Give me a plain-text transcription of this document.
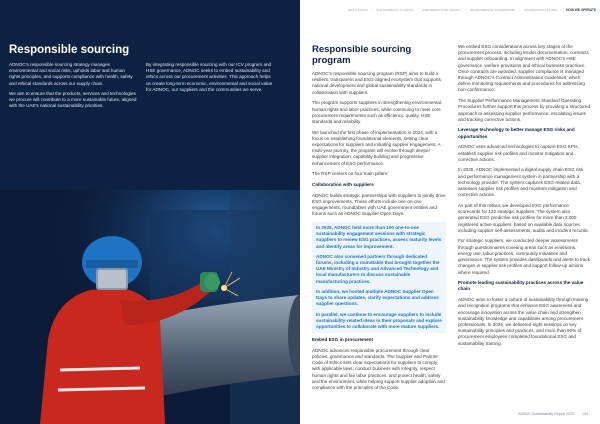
Responsible sourcing

ADNOC's responsible sourcing strategy manages environmental and social risks, upholds labor and human rights principles, and supports compliance with health, safety and ethical standards across our supply chain.

We aim to ensure that the products, services and technologies we procure will contribute to a more sustainable future, aligned with the UAE's national sustainability priorities.

By integrating responsible sourcing with our ICV program and HSE governance, ADNOC seeks to embed sustainability and ethics across our procurement activities. This approach helps us create long-term economic, environmental and social value for ADNOC, our suppliers and the communities we serve.

ABOUT ADNOC | SUSTAINABILITY AT ADNOC | PARTNERING WITH SOCIETY | ENVIRONMENTAL STEWARDSHIP | GOVERNANCE & ETHICS | HOW WE OPERATE
Responsible sourcing program

ADNOC's responsible sourcing program (RSP) aims to build a resilient, transparent and ESG-aligned ecosystem that supports national development and global sustainability standards in collaboration with suppliers.

The program supports suppliers in strengthening environmental, human rights and labor practices, while continuing to meet core procurement requirements such as efficiency, quality, HSE standards and reliability.

We launched the first phase of implementation in 2024, with a focus on establishing foundational elements, setting clear expectations for suppliers and initiating supplier engagement. A multi-year journey, the program will evolve through deeper supplier integration, capability building and progressive enhancement of ESG performance.

The RSP centers on four main pillars:

Collaboration with suppliers

ADNOC builds strategic partnerships with suppliers to jointly drive ESG improvements. These efforts include one-on-one engagements, roundtables with UAE government entities and forums such as ADNOC Supplier Open Days.

In 2025, ADNOC held more than 100 one-to-one sustainability engagement sessions with strategic suppliers to review ESG practices, assess maturity levels and identify areas for improvement.

ADNOC also convened partners through dedicated forums, including a roundtable that brought together the UAE Ministry of Industry and Advanced Technology and local manufacturers to discuss sustainable manufacturing practices.

In addition, we hosted multiple ADNOC Supplier Open Days to share updates, clarify expectations and address supplier questions.

In parallel, we continue to encourage suppliers to include sustainability-related ideas in their proposals and explore opportunities to collaborate with more mature suppliers.

Embed ESG in procurement

ADNOC advances responsible procurement through clear policies, governance and standards. The Supplier and Partner Code of Ethics sets clear expectations for suppliers to comply with applicable laws, conduct business with integrity, respect human rights and fair labor practices, and protect health, safety and the environment, while helping support supplier adoption and compliance with the principles of the Code.

We embed ESG considerations across key stages of the procurement process, including tender documentation, contracts and supplier onboarding. In alignment with ADNOC's HSE governance, welfare provisions and ethical business practices. Once contracts are awarded, supplier compliance is managed through ADNOC's Contract Administration Guidelines, which define monitoring requirements and procedures for addressing non-conformance.

The Supplier Performance Management Standard Operating Procedures further support this process by providing a structured approach to assessing supplier performance, escalating issues and tracking corrective actions.

Leverage technology to better manage ESG risks and opportunities

ADNOC uses advanced technologies to capture ESG KPIs, establish supplier risk profiles and monitor mitigation and corrective actions.

In 2025, ADNOC implemented a digital supply chain ESG risk and performance management system in partnership with a technology provider. The system captures ESG-related data, assesses supplier risk profiles and monitors mitigation and corrective actions.

As part of this rollout, we developed ESG performance scorecards for 122 strategic suppliers. The system also generated ESG predictive risk profiles for more than 2,000 registered active suppliers, based on available data sources including supplier self-assessments, audits and incident records.

For strategic suppliers, we conducted deeper assessments through questionnaires covering areas such as emissions, energy use, labor practices, community initiatives and governance. The system provides dashboards and alerts to track changes in supplier risk profiles and support follow-up actions where required.

Promote leading sustainability practices across the value chain

ADNOC aims to foster a culture of sustainability through training and recognition programs that enhance ESG awareness and encourage innovation across the value chain and strengthen sustainability knowledge and capabilities among procurement professionals. In 2025, we delivered eight sessions on key sustainability principles and practices, and more than 90% of procurement employees completed foundational ESG and sustainability training.

ADNOC Sustainability Report 2025 133
